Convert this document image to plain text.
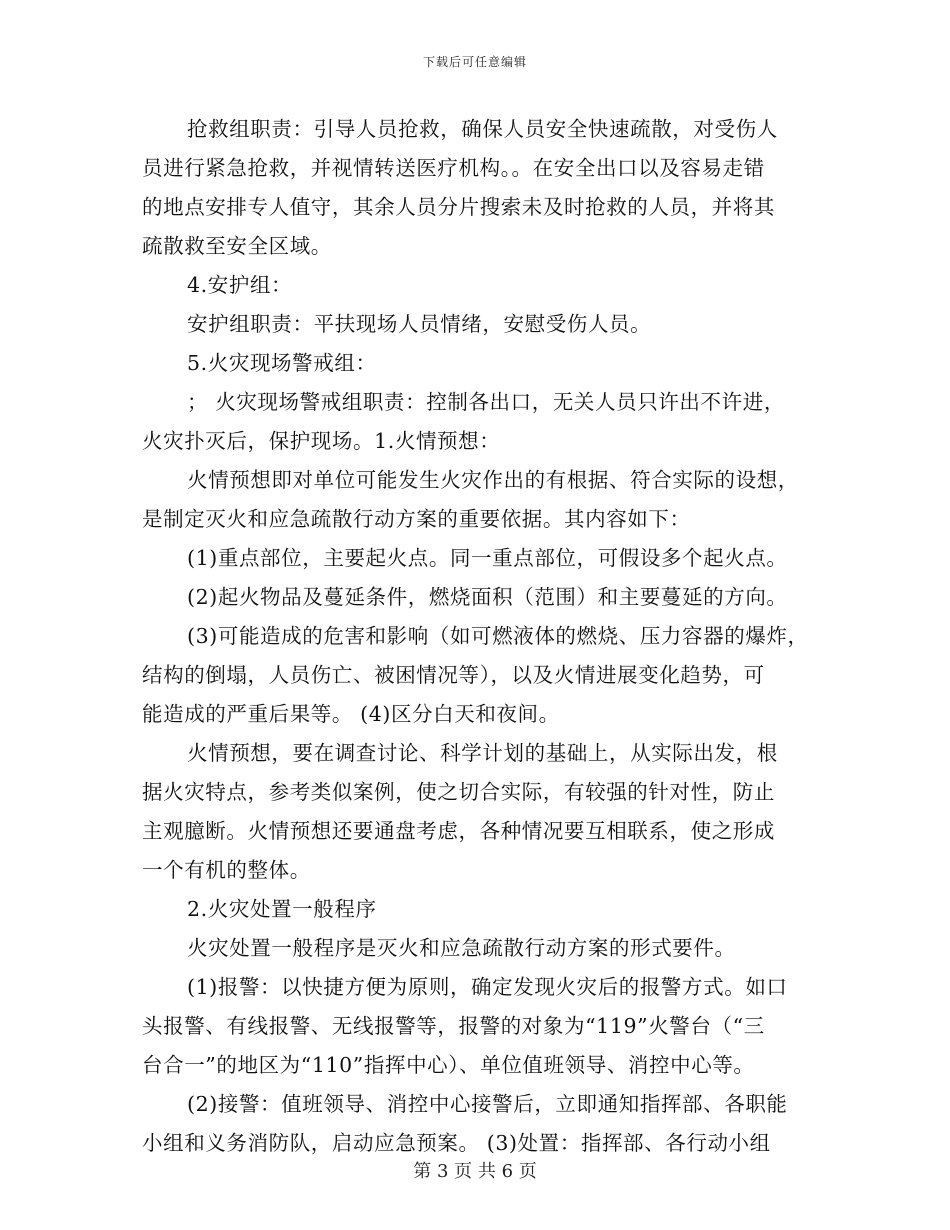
下载后可任意编辑
抢救组职责：引导人员抢救，确保人员安全快速疏散，对受伤人
员进行紧急抢救，并视情转送医疗机构。。在安全出口以及容易走错
的地点安排专人值守，其余人员分片搜索未及时抢救的人员，并将其
疏散救至安全区域。
4.安护组：
安护组职责：平扶现场人员情绪，安慰受伤人员。
5.火灾现场警戒组：
； 火灾现场警戒组职责：控制各出口，无关人员只许出不许进，
火灾扑灭后，保护现场。1.火情预想：
火情预想即对单位可能发生火灾作出的有根据、符合实际的设想，
是制定灭火和应急疏散行动方案的重要依据。其内容如下：
(1)重点部位，主要起火点。同一重点部位，可假设多个起火点。
(2)起火物品及蔓延条件，燃烧面积（范围）和主要蔓延的方向。
(3)可能造成的危害和影响（如可燃液体的燃烧、压力容器的爆炸，
结构的倒塌，人员伤亡、被困情况等），以及火情进展变化趋势，可
能造成的严重后果等。 (4)区分白天和夜间。
火情预想，要在调查讨论、科学计划的基础上，从实际出发，根
据火灾特点，参考类似案例，使之切合实际，有较强的针对性，防止
主观臆断。火情预想还要通盘考虑，各种情况要互相联系，使之形成
一个有机的整体。
2.火灾处置一般程序
火灾处置一般程序是灭火和应急疏散行动方案的形式要件。
(1)报警：以快捷方便为原则，确定发现火灾后的报警方式。如口
头报警、有线报警、无线报警等，报警的对象为“119”火警台（“三
台合一”的地区为“110”指挥中心）、单位值班领导、消控中心等。
(2)接警：值班领导、消控中心接警后，立即通知指挥部、各职能
小组和义务消防队，启动应急预案。 (3)处置：指挥部、各行动小组
第 3 页 共 6 页
